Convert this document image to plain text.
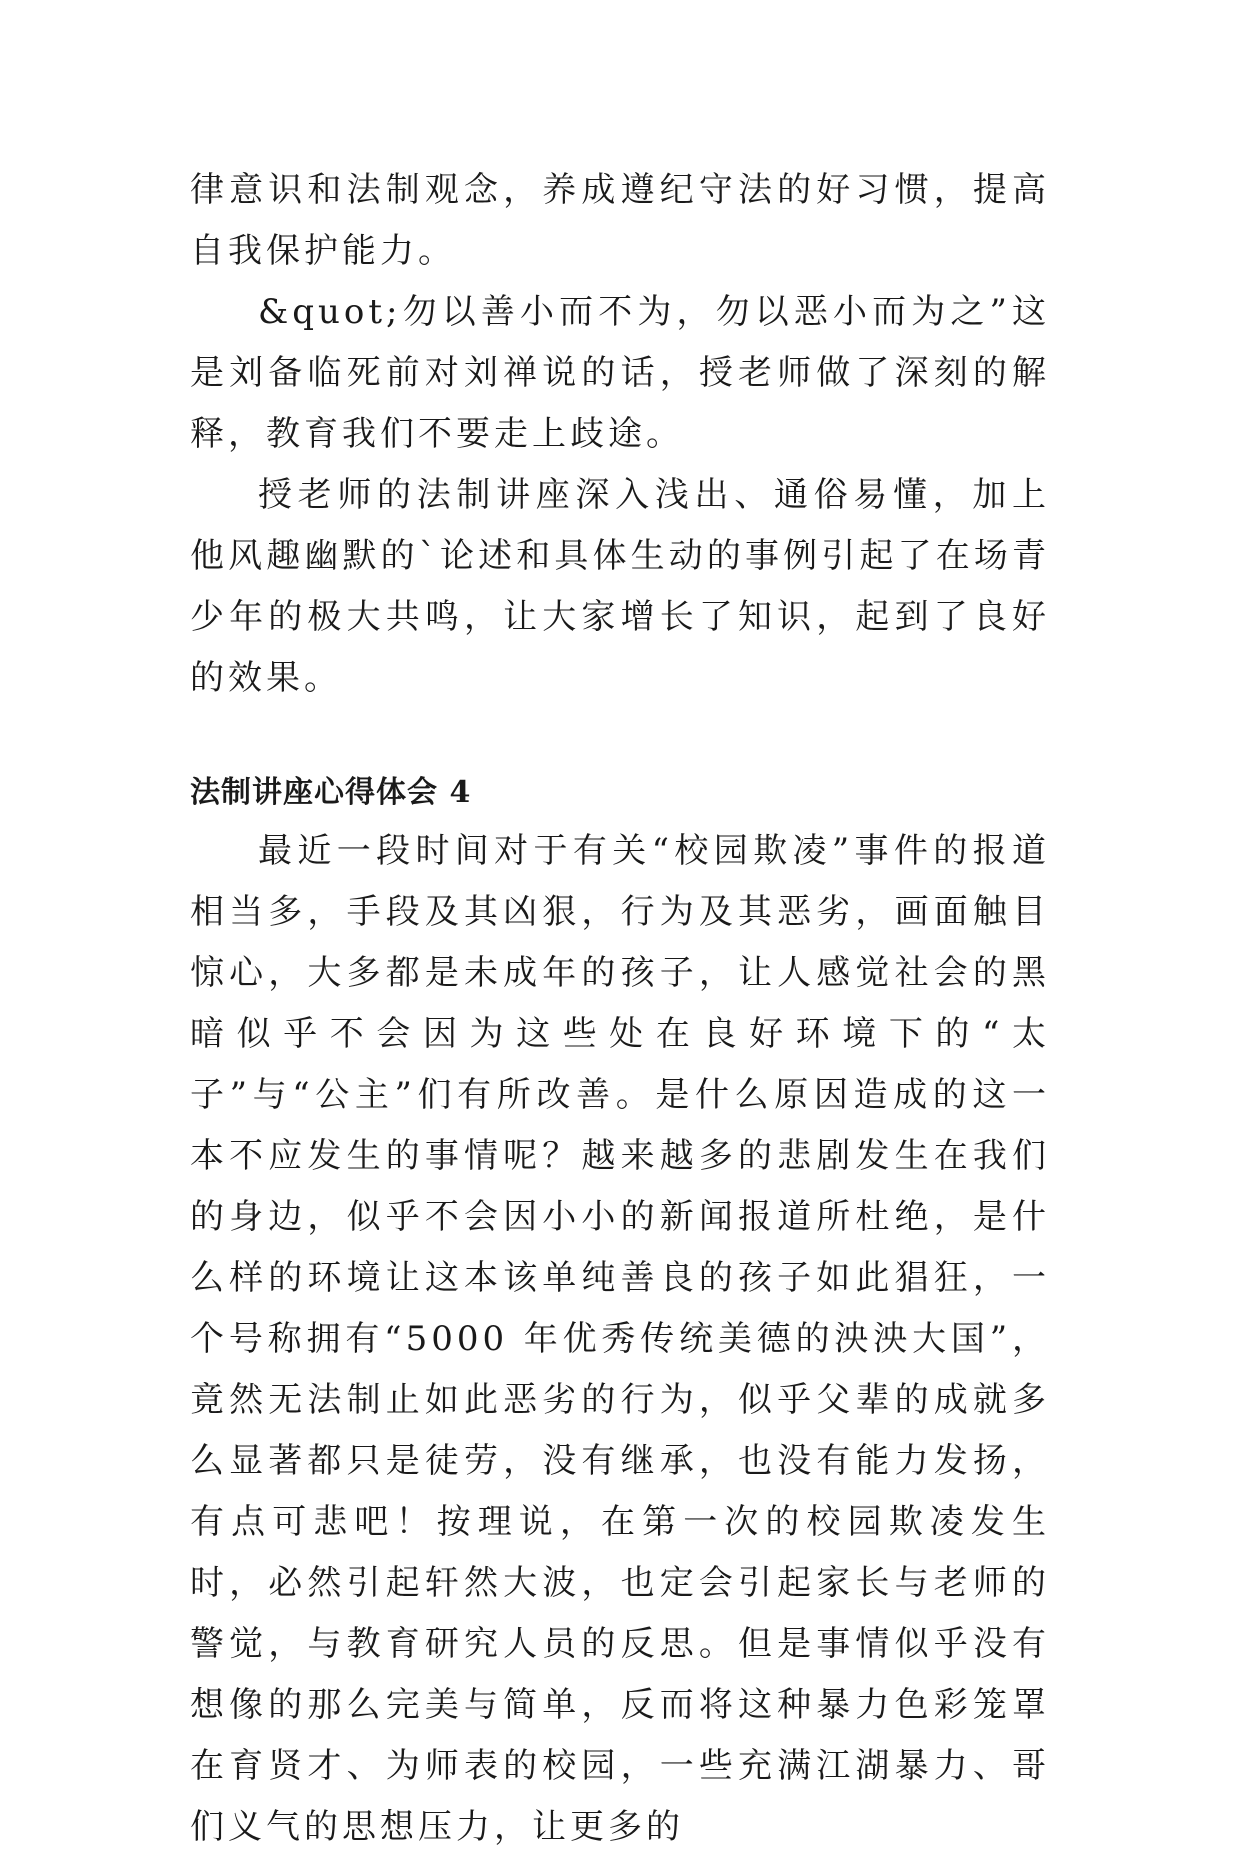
律意识和法制观念，养成遵纪守法的好习惯，提高自我保护能力。

&quot;勿以善小而不为，勿以恶小而为之”这是刘备临死前对刘禅说的话，授老师做了深刻的解释，教育我们不要走上歧途。

授老师的法制讲座深入浅出、通俗易懂，加上他风趣幽默的`论述和具体生动的事例引起了在场青少年的极大共鸣，让大家增长了知识，起到了良好的效果。

法制讲座心得体会 4

最近一段时间对于有关“校园欺凌”事件的报道相当多，手段及其凶狠，行为及其恶劣，画面触目惊心，大多都是未成年的孩子，让人感觉社会的黑暗似乎不会因为这些处在良好环境下的“太子”与“公主”们有所改善。是什么原因造成的这一本不应发生的事情呢？越来越多的悲剧发生在我们的身边，似乎不会因小小的新闻报道所杜绝，是什么样的环境让这本该单纯善良的孩子如此猖狂，一个号称拥有“5000 年优秀传统美德的泱泱大国”，竟然无法制止如此恶劣的行为，似乎父辈的成就多么显著都只是徒劳，没有继承，也没有能力发扬，有点可悲吧！按理说，在第一次的校园欺凌发生时，必然引起轩然大波，也定会引起家长与老师的警觉，与教育研究人员的反思。但是事情似乎没有想像的那么完美与简单，反而将这种暴力色彩笼罩在育贤才、为师表的校园，一些充满江湖暴力、哥们义气的思想压力，让更多的
